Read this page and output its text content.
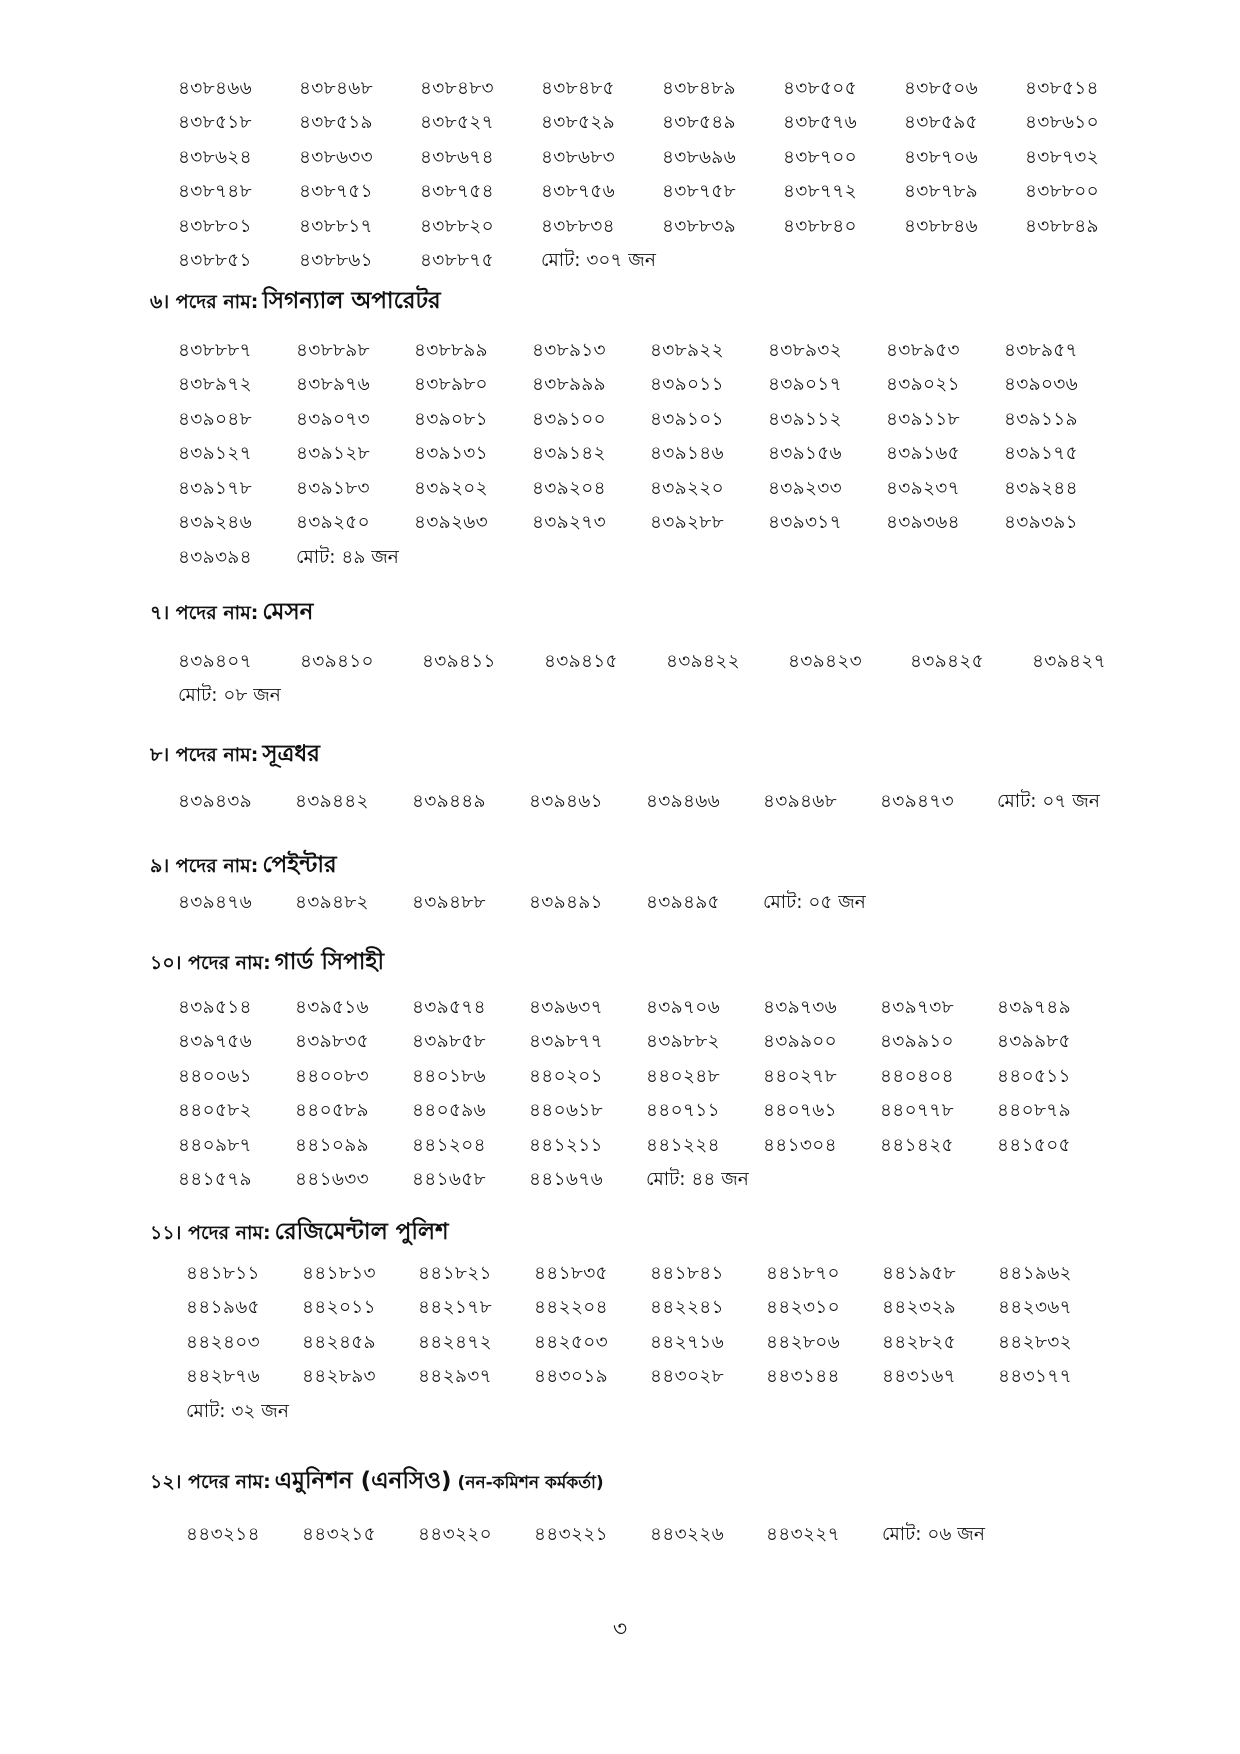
৪৩৮৪৬৬	৪৩৮৪৬৮	৪৩৮৪৮৩	৪৩৮৪৮৫	৪৩৮৪৮৯	৪৩৮৫০৫	৪৩৮৫০৬	৪৩৮৫১৪
৪৩৮৫১৮	৪৩৮৫১৯	৪৩৮৫২৭	৪৩৮৫২৯	৪৩৮৫৪৯	৪৩৮৫৭৬	৪৩৮৫৯৫	৪৩৮৬১০
৪৩৮৬২৪	৪৩৮৬৩৩	৪৩৮৬৭৪	৪৩৮৬৮৩	৪৩৮৬৯৬	৪৩৮৭০০	৪৩৮৭০৬	৪৩৮৭৩২
৪৩৮৭৪৮	৪৩৮৭৫১	৪৩৮৭৫৪	৪৩৮৭৫৬	৪৩৮৭৫৮	৪৩৮৭৭২	৪৩৮৭৮৯	৪৩৮৮০০
৪৩৮৮০১	৪৩৮৮১৭	৪৩৮৮২০	৪৩৮৮৩৪	৪৩৮৮৩৯	৪৩৮৮৪০	৪৩৮৮৪৬	৪৩৮৮৪৯
৪৩৮৮৫১	৪৩৮৮৬১	৪৩৮৮৭৫	মোট: ৩০৭ জন
৬। পদের নাম: সিগন্যাল অপারেটর
৪৩৮৮৮৭	৪৩৮৮৯৮	৪৩৮৮৯৯	৪৩৮৯১৩	৪৩৮৯২২	৪৩৮৯৩২	৪৩৮৯৫৩	৪৩৮৯৫৭
৪৩৮৯৭২	৪৩৮৯৭৬	৪৩৮৯৮০	৪৩৮৯৯৯	৪৩৯০১১	৪৩৯০১৭	৪৩৯০২১	৪৩৯০৩৬
৪৩৯০৪৮	৪৩৯০৭৩	৪৩৯০৮১	৪৩৯১০০	৪৩৯১০১	৪৩৯১১২	৪৩৯১১৮	৪৩৯১১৯
৪৩৯১২৭	৪৩৯১২৮	৪৩৯১৩১	৪৩৯১৪২	৪৩৯১৪৬	৪৩৯১৫৬	৪৩৯১৬৫	৪৩৯১৭৫
৪৩৯১৭৮	৪৩৯১৮৩	৪৩৯২০২	৪৩৯২০৪	৪৩৯২২০	৪৩৯২৩৩	৪৩৯২৩৭	৪৩৯২৪৪
৪৩৯২৪৬	৪৩৯২৫০	৪৩৯২৬৩	৪৩৯২৭৩	৪৩৯২৮৮	৪৩৯৩১৭	৪৩৯৩৬৪	৪৩৯৩৯১
৪৩৯৩৯৪	মোট: ৪৯ জন
৭। পদের নাম: মেসন
৪৩৯৪০৭	৪৩৯৪১০	৪৩৯৪১১	৪৩৯৪১৫	৪৩৯৪২২	৪৩৯৪২৩	৪৩৯৪২৫	৪৩৯৪২৭
মোট: ০৮ জন
৮। পদের নাম: সূত্রধর
৪৩৯৪৩৯	৪৩৯৪৪২	৪৩৯৪৪৯	৪৩৯৪৬১	৪৩৯৪৬৬	৪৩৯৪৬৮	৪৩৯৪৭৩	মোট: ০৭ জন
৯। পদের নাম: পেইন্টার
৪৩৯৪৭৬	৪৩৯৪৮২	৪৩৯৪৮৮	৪৩৯৪৯১	৪৩৯৪৯৫	মোট: ০৫ জন
১০। পদের নাম: গার্ড সিপাহী
৪৩৯৫১৪	৪৩৯৫১৬	৪৩৯৫৭৪	৪৩৯৬৩৭	৪৩৯৭০৬	৪৩৯৭৩৬	৪৩৯৭৩৮	৪৩৯৭৪৯
৪৩৯৭৫৬	৪৩৯৮৩৫	৪৩৯৮৫৮	৪৩৯৮৭৭	৪৩৯৮৮২	৪৩৯৯০০	৪৩৯৯১০	৪৩৯৯৮৫
৪৪০০৬১	৪৪০০৮৩	৪৪০১৮৬	৪৪০২০১	৪৪০২৪৮	৪৪০২৭৮	৪৪০৪০৪	৪৪০৫১১
৪৪০৫৮২	৪৪০৫৮৯	৪৪০৫৯৬	৪৪০৬১৮	৪৪০৭১১	৪৪০৭৬১	৪৪০৭৭৮	৪৪০৮৭৯
৪৪০৯৮৭	৪৪১০৯৯	৪৪১২০৪	৪৪১২১১	৪৪১২২৪	৪৪১৩০৪	৪৪১৪২৫	৪৪১৫০৫
৪৪১৫৭৯	৪৪১৬৩৩	৪৪১৬৫৮	৪৪১৬৭৬	মোট: ৪৪ জন
১১। পদের নাম: রেজিমেন্টাল পুলিশ
৪৪১৮১১	৪৪১৮১৩	৪৪১৮২১	৪৪১৮৩৫	৪৪১৮৪১	৪৪১৮৭০	৪৪১৯৫৮	৪৪১৯৬২
৪৪১৯৬৫	৪৪২০১১	৪৪২১৭৮	৪৪২২০৪	৪৪২২৪১	৪৪২৩১০	৪৪২৩২৯	৪৪২৩৬৭
৪৪২৪০৩	৪৪২৪৫৯	৪৪২৪৭২	৪৪২৫০৩	৪৪২৭১৬	৪৪২৮০৬	৪৪২৮২৫	৪৪২৮৩২
৪৪২৮৭৬	৪৪২৮৯৩	৪৪২৯৩৭	৪৪৩০১৯	৪৪৩০২৮	৪৪৩১৪৪	৪৪৩১৬৭	৪৪৩১৭৭
মোট: ৩২ জন
১২। পদের নাম: এমুনিশন (এনসিও) (নন-কমিশন কর্মকর্তা)
৪৪৩২১৪	৪৪৩২১৫	৪৪৩২২০	৪৪৩২২১	৪৪৩২২৬	৪৪৩২২৭	মোট: ০৬ জন
৩
